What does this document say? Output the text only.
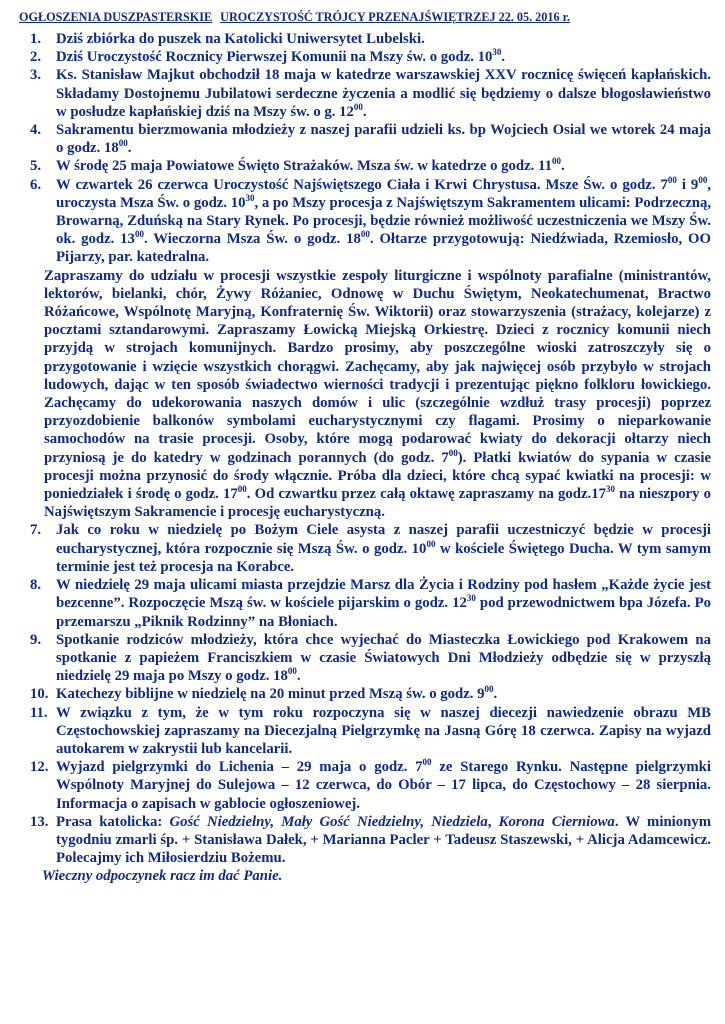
OGŁOSZENIA DUSZPASTERSKIE UROCZYSTOŚĆ TRÓJCY PRZENAJŚWIĘTRZEJ 22. 05. 2016 r.
1. Dziś zbiórka do puszek na Katolicki Uniwersytet Lubelski.
2. Dziś Uroczystość Rocznicy Pierwszej Komunii na Mszy św. o godz. $10^{30}$.
3. Ks. Stanisław Majkut obchodził 18 maja w katedrze warszawskiej XXV rocznicę święceń kapłańskich. Składamy Dostojnemu Jubilatowi serdeczne życzenia a modlić się będziemy o dalsze błogosławieństwo w posłudze kapłańskiej dziś na Mszy św. o g. $12^{00}$.
4. Sakramentu bierzmowania młodzieży z naszej parafii udzieli ks. bp Wojciech Osial we wtorek 24 maja o godz. $18^{00}$.
5. W środę 25 maja Powiatowe Święto Strażaków. Msza św. w katedrze o godz. $11^{00}$.
6. W czwartek 26 czerwca Uroczystość Najświętszego Ciała i Krwi Chrystusa. Msze Św. o godz. $7^{00}$ i $9^{00}$, uroczysta Msza Św. o godz. $10^{30}$, a po Mszy procesja z Najświętszym Sakramentem ulicami: Podrzeczną, Browarną, Zduńską na Stary Rynek. Po procesji, będzie również możliwość uczestniczenia we Mszy Św. ok. godz. $13^{00}$. Wieczorna Msza Św. o godz. $18^{00}$. Ołtarze przygotowują: Niedźwiada, Rzemiosło, OO Pijarzy, par. katedralna.
Zapraszamy do udziału w procesji wszystkie zespoły liturgiczne i wspólnoty parafialne (ministrantów, lektorów, bielanki, chór, Żywy Różaniec, Odnowę w Duchu Świętym, Neokatechumenat, Bractwo Różańcowe, Wspólnotę Maryjną, Konfraternię Św. Wiktorii) oraz stowarzyszenia (strażacy, kolejarze) z pocztami sztandarowymi. Zapraszamy Łowicką Miejską Orkiestrę. Dzieci z rocznicy komunii niech przyjdą w strojach komunijnych. Bardzo prosimy, aby poszczególne wioski zatroszczyły się o przygotowanie i wzięcie wszystkich chorągwi. Zachęcamy, aby jak najwięcej osób przybyło w strojach ludowych, dając w ten sposób świadectwo wierności tradycji i prezentując piękno folkloru łowickiego. Zachęcamy do udekorowania naszych domów i ulic (szczególnie wzdłuż trasy procesji) poprzez przyozdobienie balkonów symbolami eucharystycznymi czy flagami. Prosimy o nieparkowanie samochodów na trasie procesji. Osoby, które mogą podarować kwiaty do dekoracji ołtarzy niech przyniosą je do katedry w godzinach porannych (do godz. $7^{00}$). Płatki kwiatów do sypania w czasie procesji można przynosić do środy włącznie. Próba dla dzieci, które chcą sypać kwiatki na procesji: w poniedziałek i środę o godz. $17^{00}$. Od czwartku przez całą oktawę zapraszamy na $godz.17^{30}$ na nieszpory o Najświętszym Sakramencie i procesję eucharystyczną.
7. Jak co roku w niedzielę po Bożym Ciele asysta z naszej parafii uczestniczyć będzie w procesji eucharystycznej, która rozpocznie się Mszą Św. o godz. $10^{00}$ w kościele Świętego Ducha. W tym samym terminie jest też procesja na Korabce.
8. W niedzielę 29 maja ulicami miasta przejdzie Marsz dla Życia i Rodziny pod hasłem „Każde życie jest bezcenne”. Rozpoczęcie Mszą św. w kościele pijarskim o godz. $12^{30}$ pod przewodnictwem bpa Józefa. Po przemarszu „Piknik Rodzinny” na Błoniach.
9. Spotkanie rodziców młodzieży, która chce wyjechać do Miasteczka Łowickiego pod Krakowem na spotkanie z papieżem Franciszkiem w czasie Światowych Dni Młodzieży odbędzie się w przyszłą niedzielę 29 maja po Mszy o godz. $18^{00}$.
10. Katechezy biblijne w niedzielę na 20 minut przed Mszą św. o godz. $9^{00}$.
11. W związku z tym, że w tym roku rozpoczyna się w naszej diecezji nawiedzenie obrazu MB Częstochowskiej zapraszamy na Diecezjalną Pielgrzymkę na Jasną Górę 18 czerwca. Zapisy na wyjazd autokarem w zakrystii lub kancelarii.
12. Wyjazd pielgrzymki do Lichenia – 29 maja o godz. $7^{00}$ ze Starego Rynku. Następne pielgrzymki Wspólnoty Maryjnej do Sulejowa – 12 czerwca, do Obór – 17 lipca, do Częstochowy – 28 sierpnia. Informacja o zapisach w gablocie ogłoszeniowej.
13. Prasa katolicka: Gość Niedzielny, Mały Gość Niedzielny, Niedziela, Korona Cierniowa. W minionym tygodniu zmarli śp. + Stanisława Dałek, + Marianna Pacler + Tadeusz Staszewski, + Alicja Adamcewicz. Polecajmy ich Miłosierdziu Bożemu.
Wieczny odpoczynek racz im dać Panie.
